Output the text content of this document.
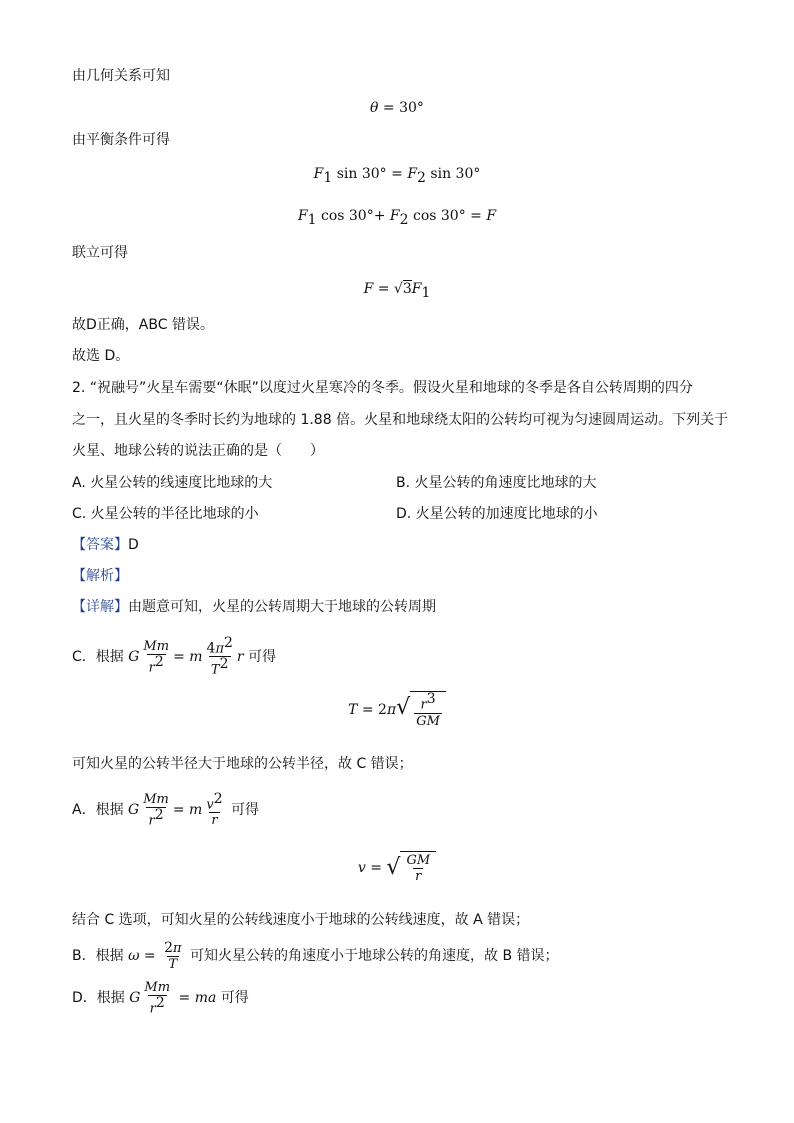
由几何关系可知
θ = 30°
由平衡条件可得
$F_1$ $\sin 30^\circ = F_2$ sin 30°
$F_1$ $\cos 30^\circ+ F_2$ cos 30° = F
联立可得
$F = √3F_1$
故D正确，ABC 错误。
故选 D。
2. “祝融号”火星车需要“休眠”以度过火星寒冷的冬季。假设火星和地球的冬季是各自公转周期的四分
之一，且火星的冬季时长约为地球的 1.88 倍。火星和地球绕太阳的公转均可视为匀速圆周运动。下列关于
火星、地球公转的说法正确的是（　　）
A. 火星公转的线速度比地球的大	B. 火星公转的角速度比地球的大
C. 火星公转的半径比地球的小	D. 火星公转的加速度比地球的小
【答案】D
【解析】
【详解】由题意可知，火星的公转周期大于地球的公转周期
C．根据 G $\frac{Mm}{r^2} = m \frac{4\pi^2}{T^2}$ r 可得
T = 2π √ $\frac{r^3}{GM}$
可知火星的公转半径大于地球的公转半径，故 C 错误；
A．根据 G $\frac{Mm}{r^2} = m \frac{v^2}{r}$ 可得
v = √ $\frac{GM}{r}$
结合 C 选项，可知火星的公转线速度小于地球的公转线速度，故 A 错误；
B．根据 $\omega = \frac{2\pi}{T}$ 可知火星公转的角速度小于地球公转的角速度，故 B 错误；
D．根据 G $\frac{Mm}{r^2}$ = ma 可得
